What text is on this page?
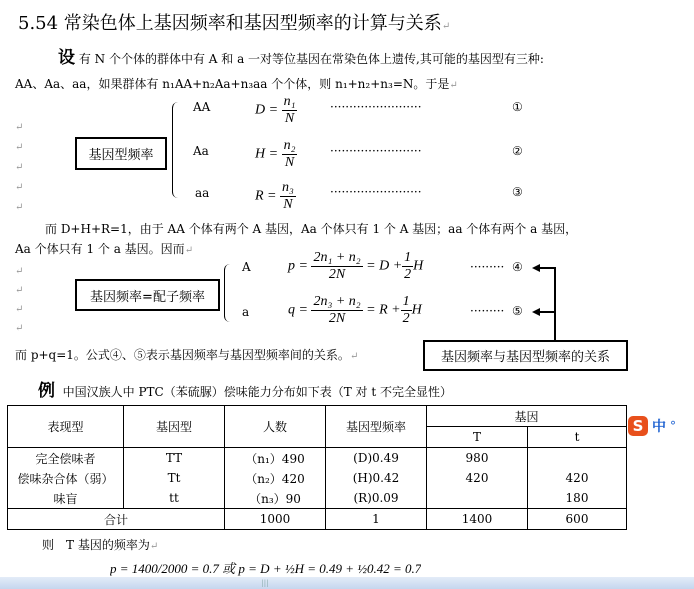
5.54 常染色体上基因频率和基因型频率的计算与关系↵
设 有 N 个个体的群体中有 A 和 a 一对等位基因在常染色体上遗传,其可能的基因型有三种:
AA、Aa、aa，如果群体有 n₁AA+n₂Aa+n₃aa 个个体，则 n₁+n₂+n₃=N。于是↵
↵
↵
↵
↵
↵
基因型频率
AA
Aa
aa
$D = \frac{\text{n₁}}{N}$
$H = \frac{\text{n₂}}{N}$
$R = \frac{\text{n₃}}{N}$
························
························
························
①
②
③
而 D+H+R=1，由于 AA 个体有两个 A 基因，Aa 个体只有 1 个 A 基因；aa 个体有两个 a 基因，
Aa 个体只有 1 个 a 基因。因而↵
↵
↵
↵
↵
基因频率=配子频率
A
a
$p = \frac{\text{2n₁ + n₂}}{2N} = D + \frac{1}{2}$ H
$q = \frac{\text{2n₃ + n₂}}{2N} = R + \frac{1}{2}$ H
·········
·········
④
⑤
而 p+q=1。公式④、⑤表示基因频率与基因型频率间的关系。↵	基因频率与基因型频率的关系
例 中国汉族人中 PTC（苯硫脲）偿味能力分布如下表（T 对 t 不完全显性）
表现型	基因型	人数	基因型频率	基因	
				T	t
完全偿味者	TT	（n₁）490	(D)0.49	980	
偿味杂合体（弱）	Tt	（n₂）420	(H)0.42	420	420
味盲	tt	（n₃）90	(R)0.09		180
合计		1000	1	1400	600
S 中 °
则　T 基因的频率为↵
p = 1400/2000 = 0.7 或 p = D + ½H = 0.49 + ½0.42 = 0.7
|||
